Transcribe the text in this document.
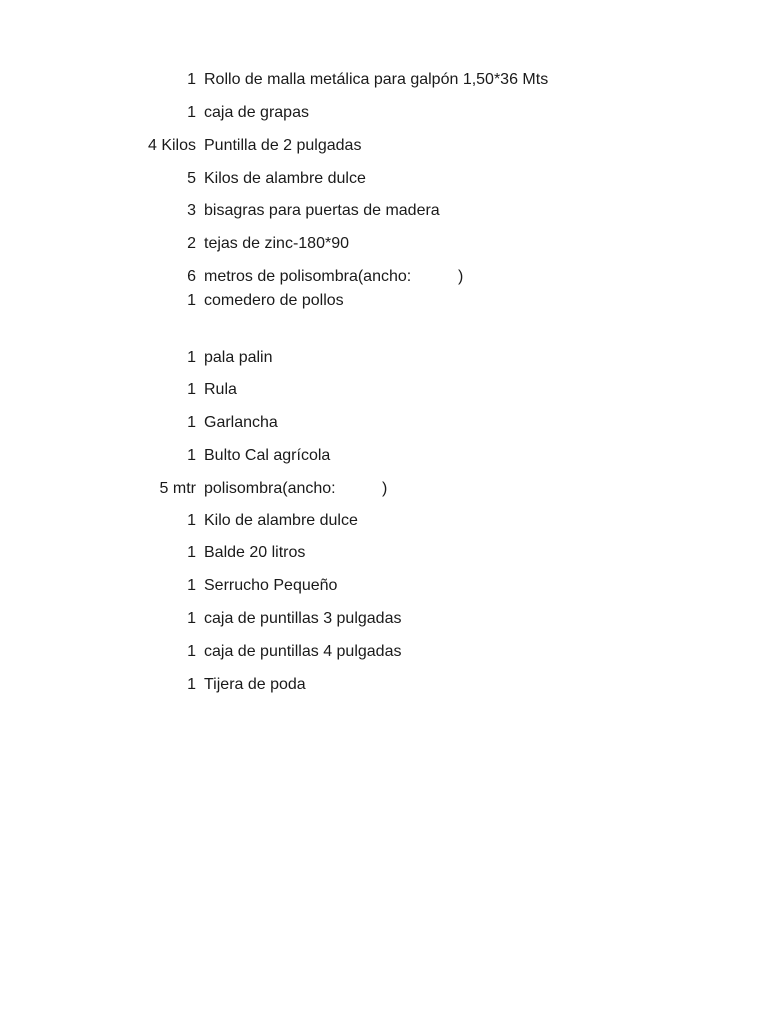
1 Rollo de malla metálica para galpón 1,50*36 Mts
1 caja de grapas
4 Kilos Puntilla de 2 pulgadas
5 Kilos de alambre dulce
3 bisagras para puertas de madera
2 tejas de zinc-180*90
6 metros de polisombra(ancho:	)
1 comedero de pollos
1 pala palin
1 Rula
1 Garlancha
1 Bulto Cal agrícola
5 mtr polisombra(ancho:	)
1 Kilo de alambre dulce
1 Balde 20 litros
1 Serrucho Pequeño
1 caja de puntillas 3 pulgadas
1 caja de puntillas 4 pulgadas
1 Tijera de poda
